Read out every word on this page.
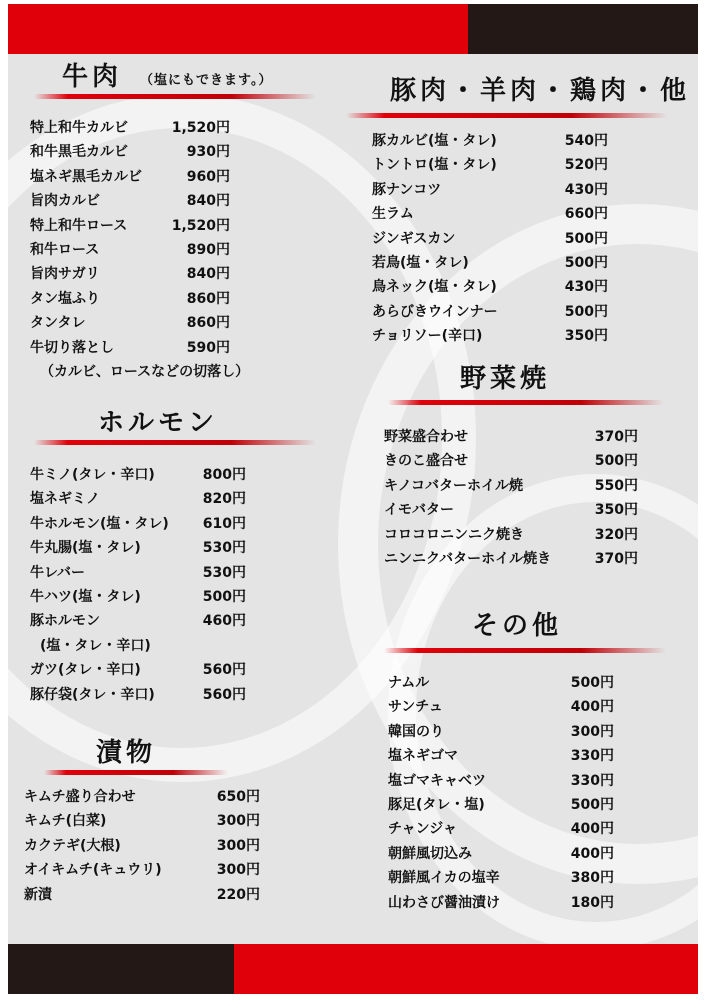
牛肉 （塩にもできます。）
特上和牛カルビ	1,520円
和牛黒毛カルビ	930円
塩ネギ黒毛カルビ	960円
旨肉カルビ	840円
特上和牛ロース	1,520円
和牛ロース	890円
旨肉サガリ	840円
タン塩ふり	860円
タンタレ	860円
牛切り落とし	590円
（カルビ、ロースなどの切落し）
ホルモン
牛ミノ(タレ・辛口)	800円
塩ネギミノ	820円
牛ホルモン(塩・タレ) 610円
牛丸腸(塩・タレ)	530円
牛レバー	530円
牛ハツ(塩・タレ)	500円
豚ホルモン	460円
(塩・タレ・辛口)
ガツ(タレ・辛口)	560円
豚仔袋(タレ・辛口)	560円
漬物
キムチ盛り合わせ	650円
キムチ(白菜)	300円
カクテギ(大根)	300円
オイキムチ(キュウリ)	300円
新漬	220円
豚肉・羊肉・鶏肉・他
豚カルビ(塩・タレ)	540円
トントロ(塩・タレ)	520円
豚ナンコツ	430円
生ラム	660円
ジンギスカン	500円
若鳥(塩・タレ)	500円
鳥ネック(塩・タレ)	430円
あらびきウインナー	500円
チョリソー(辛口)	350円
野菜焼
野菜盛合わせ	370円
きのこ盛合せ	500円
キノコバターホイル焼	550円
イモバター	350円
コロコロニンニク焼き	320円
ニンニクバターホイル焼き	370円
その他
ナムル	500円
サンチュ	400円
韓国のり	300円
塩ネギゴマ	330円
塩ゴマキャベツ	330円
豚足(タレ・塩)	500円
チャンジャ	400円
朝鮮風切込み	400円
朝鮮風イカの塩辛	380円
山わさび醤油漬け	180円
